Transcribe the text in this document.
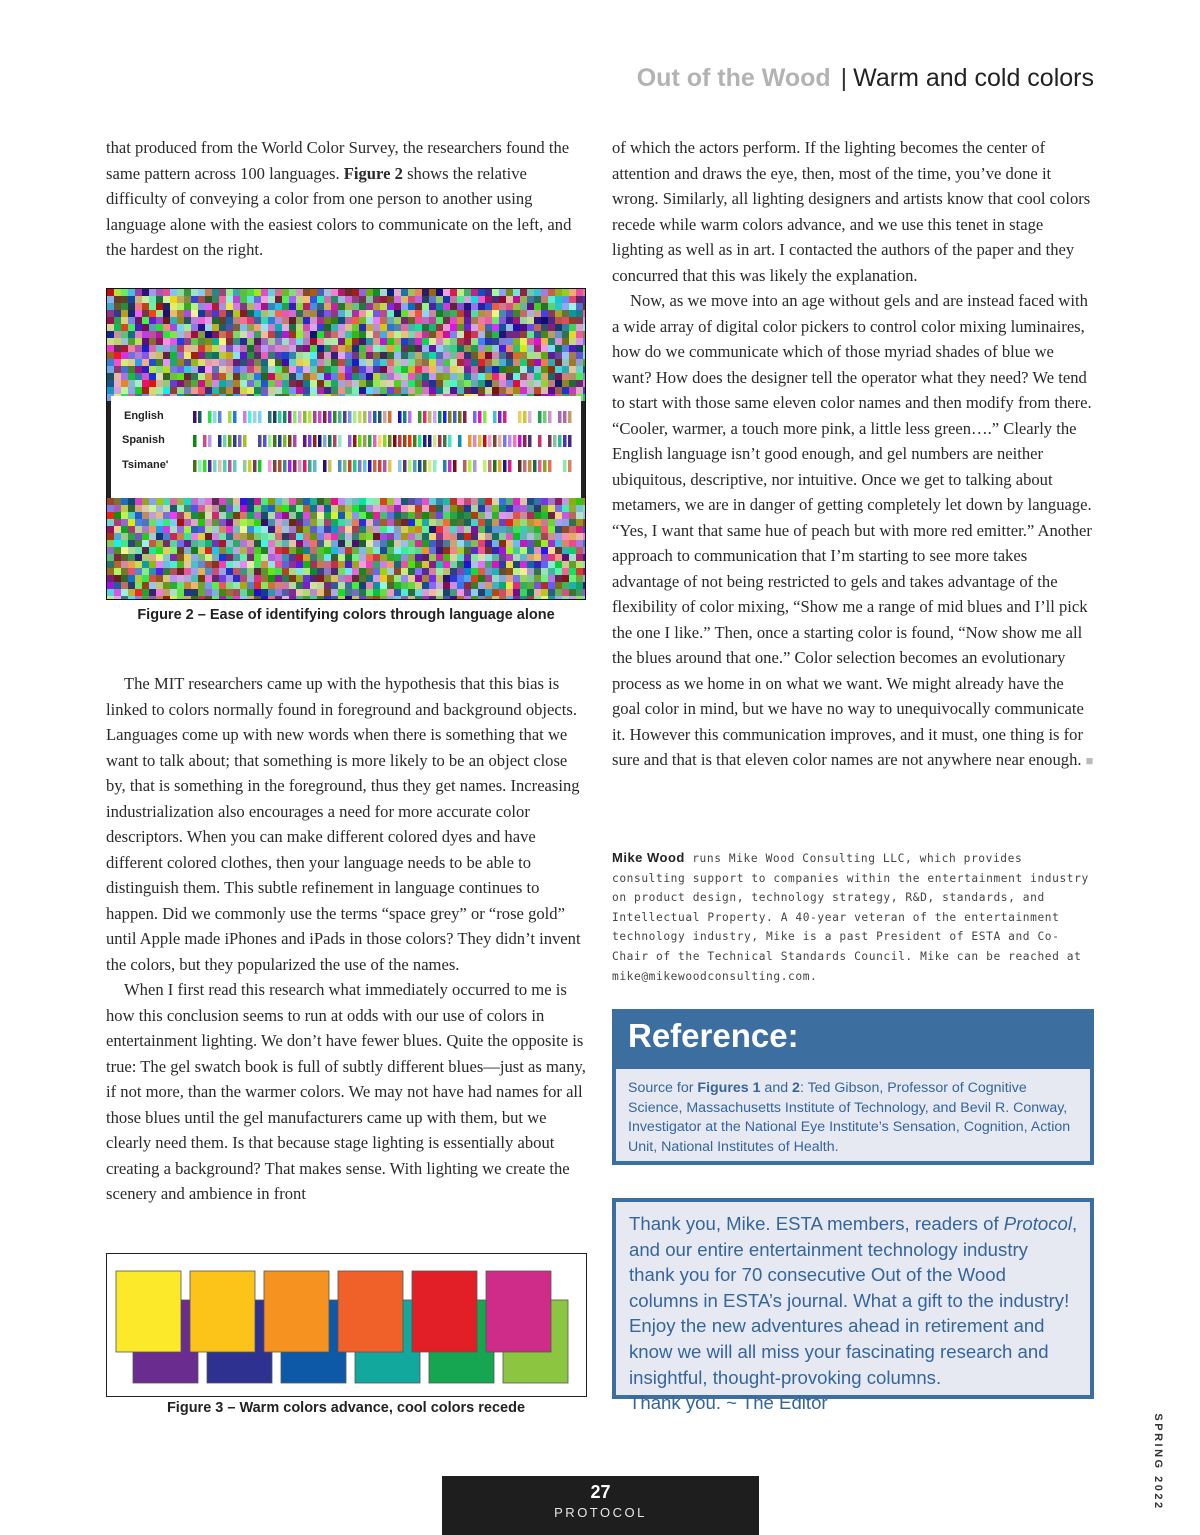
Out of the Wood | Warm and cold colors

that produced from the World Color Survey, the researchers found the same pattern across 100 languages. Figure 2 shows the relative difficulty of conveying a color from one person to another using language alone with the easiest colors to communicate on the left, and the hardest on the right.

English
Spanish
Tsimane'
Figure 2 – Ease of identifying colors through language alone

The MIT researchers came up with the hypothesis that this bias is linked to colors normally found in foreground and background objects. Languages come up with new words when there is something that we want to talk about; that something is more likely to be an object close by, that is something in the foreground, thus they get names. Increasing industrialization also encourages a need for more accurate color descriptors. When you can make different colored dyes and have different colored clothes, then your language needs to be able to distinguish them. This subtle refinement in language continues to happen. Did we commonly use the terms “space grey” or “rose gold” until Apple made iPhones and iPads in those colors? They didn’t invent the colors, but they popularized the use of the names.

When I first read this research what immediately occurred to me is how this conclusion seems to run at odds with our use of colors in entertainment lighting. We don’t have fewer blues. Quite the opposite is true: The gel swatch book is full of subtly different blues—just as many, if not more, than the warmer colors. We may not have had names for all those blues until the gel manufacturers came up with them, but we clearly need them. Is that because stage lighting is essentially about creating a background? That makes sense. With lighting we create the scenery and ambience in front

Figure 3 – Warm colors advance, cool colors recede

of which the actors perform. If the lighting becomes the center of attention and draws the eye, then, most of the time, you’ve done it wrong. Similarly, all lighting designers and artists know that cool colors recede while warm colors advance, and we use this tenet in stage lighting as well as in art. I contacted the authors of the paper and they concurred that this was likely the explanation.

Now, as we move into an age without gels and are instead faced with a wide array of digital color pickers to control color mixing luminaires, how do we communicate which of those myriad shades of blue we want? How does the designer tell the operator what they need? We tend to start with those same eleven color names and then modify from there. “Cooler, warmer, a touch more pink, a little less green….” Clearly the English language isn’t good enough, and gel numbers are neither ubiquitous, descriptive, nor intuitive. Once we get to talking about metamers, we are in danger of getting completely let down by language. “Yes, I want that same hue of peach but with more red emitter.” Another approach to communication that I’m starting to see more takes advantage of not being restricted to gels and takes advantage of the flexibility of color mixing, “Show me a range of mid blues and I’ll pick the one I like.” Then, once a starting color is found, “Now show me all the blues around that one.” Color selection becomes an evolutionary process as we home in on what we want. We might already have the goal color in mind, but we have no way to unequivocally communicate it. However this communication improves, and it must, one thing is for sure and that is that eleven color names are not anywhere near enough. ■

Mike Wood runs Mike Wood Consulting LLC, which provides consulting support to companies within the entertainment industry on product design, technology strategy, R&D, standards, and Intellectual Property. A 40-year veteran of the entertainment technology industry, Mike is a past President of ESTA and Co-Chair of the Technical Standards Council. Mike can be reached at mike@mikewoodconsulting.com.
Reference:
Source for Figures 1 and 2: Ted Gibson, Professor of Cognitive Science, Massachusetts Institute of Technology, and Bevil R. Conway, Investigator at the National Eye Institute’s Sensation, Cognition, Action Unit, National Institutes of Health.
Thank you, Mike. ESTA members, readers of Protocol, and our entire entertainment technology industry thank you for 70 consecutive Out of the Wood columns in ESTA’s journal. What a gift to the industry! Enjoy the new adventures ahead in retirement and know we will all miss your fascinating research and insightful, thought-provoking columns.
Thank you. ~ The Editor
SPRING 2022
27
PROTOCOL
